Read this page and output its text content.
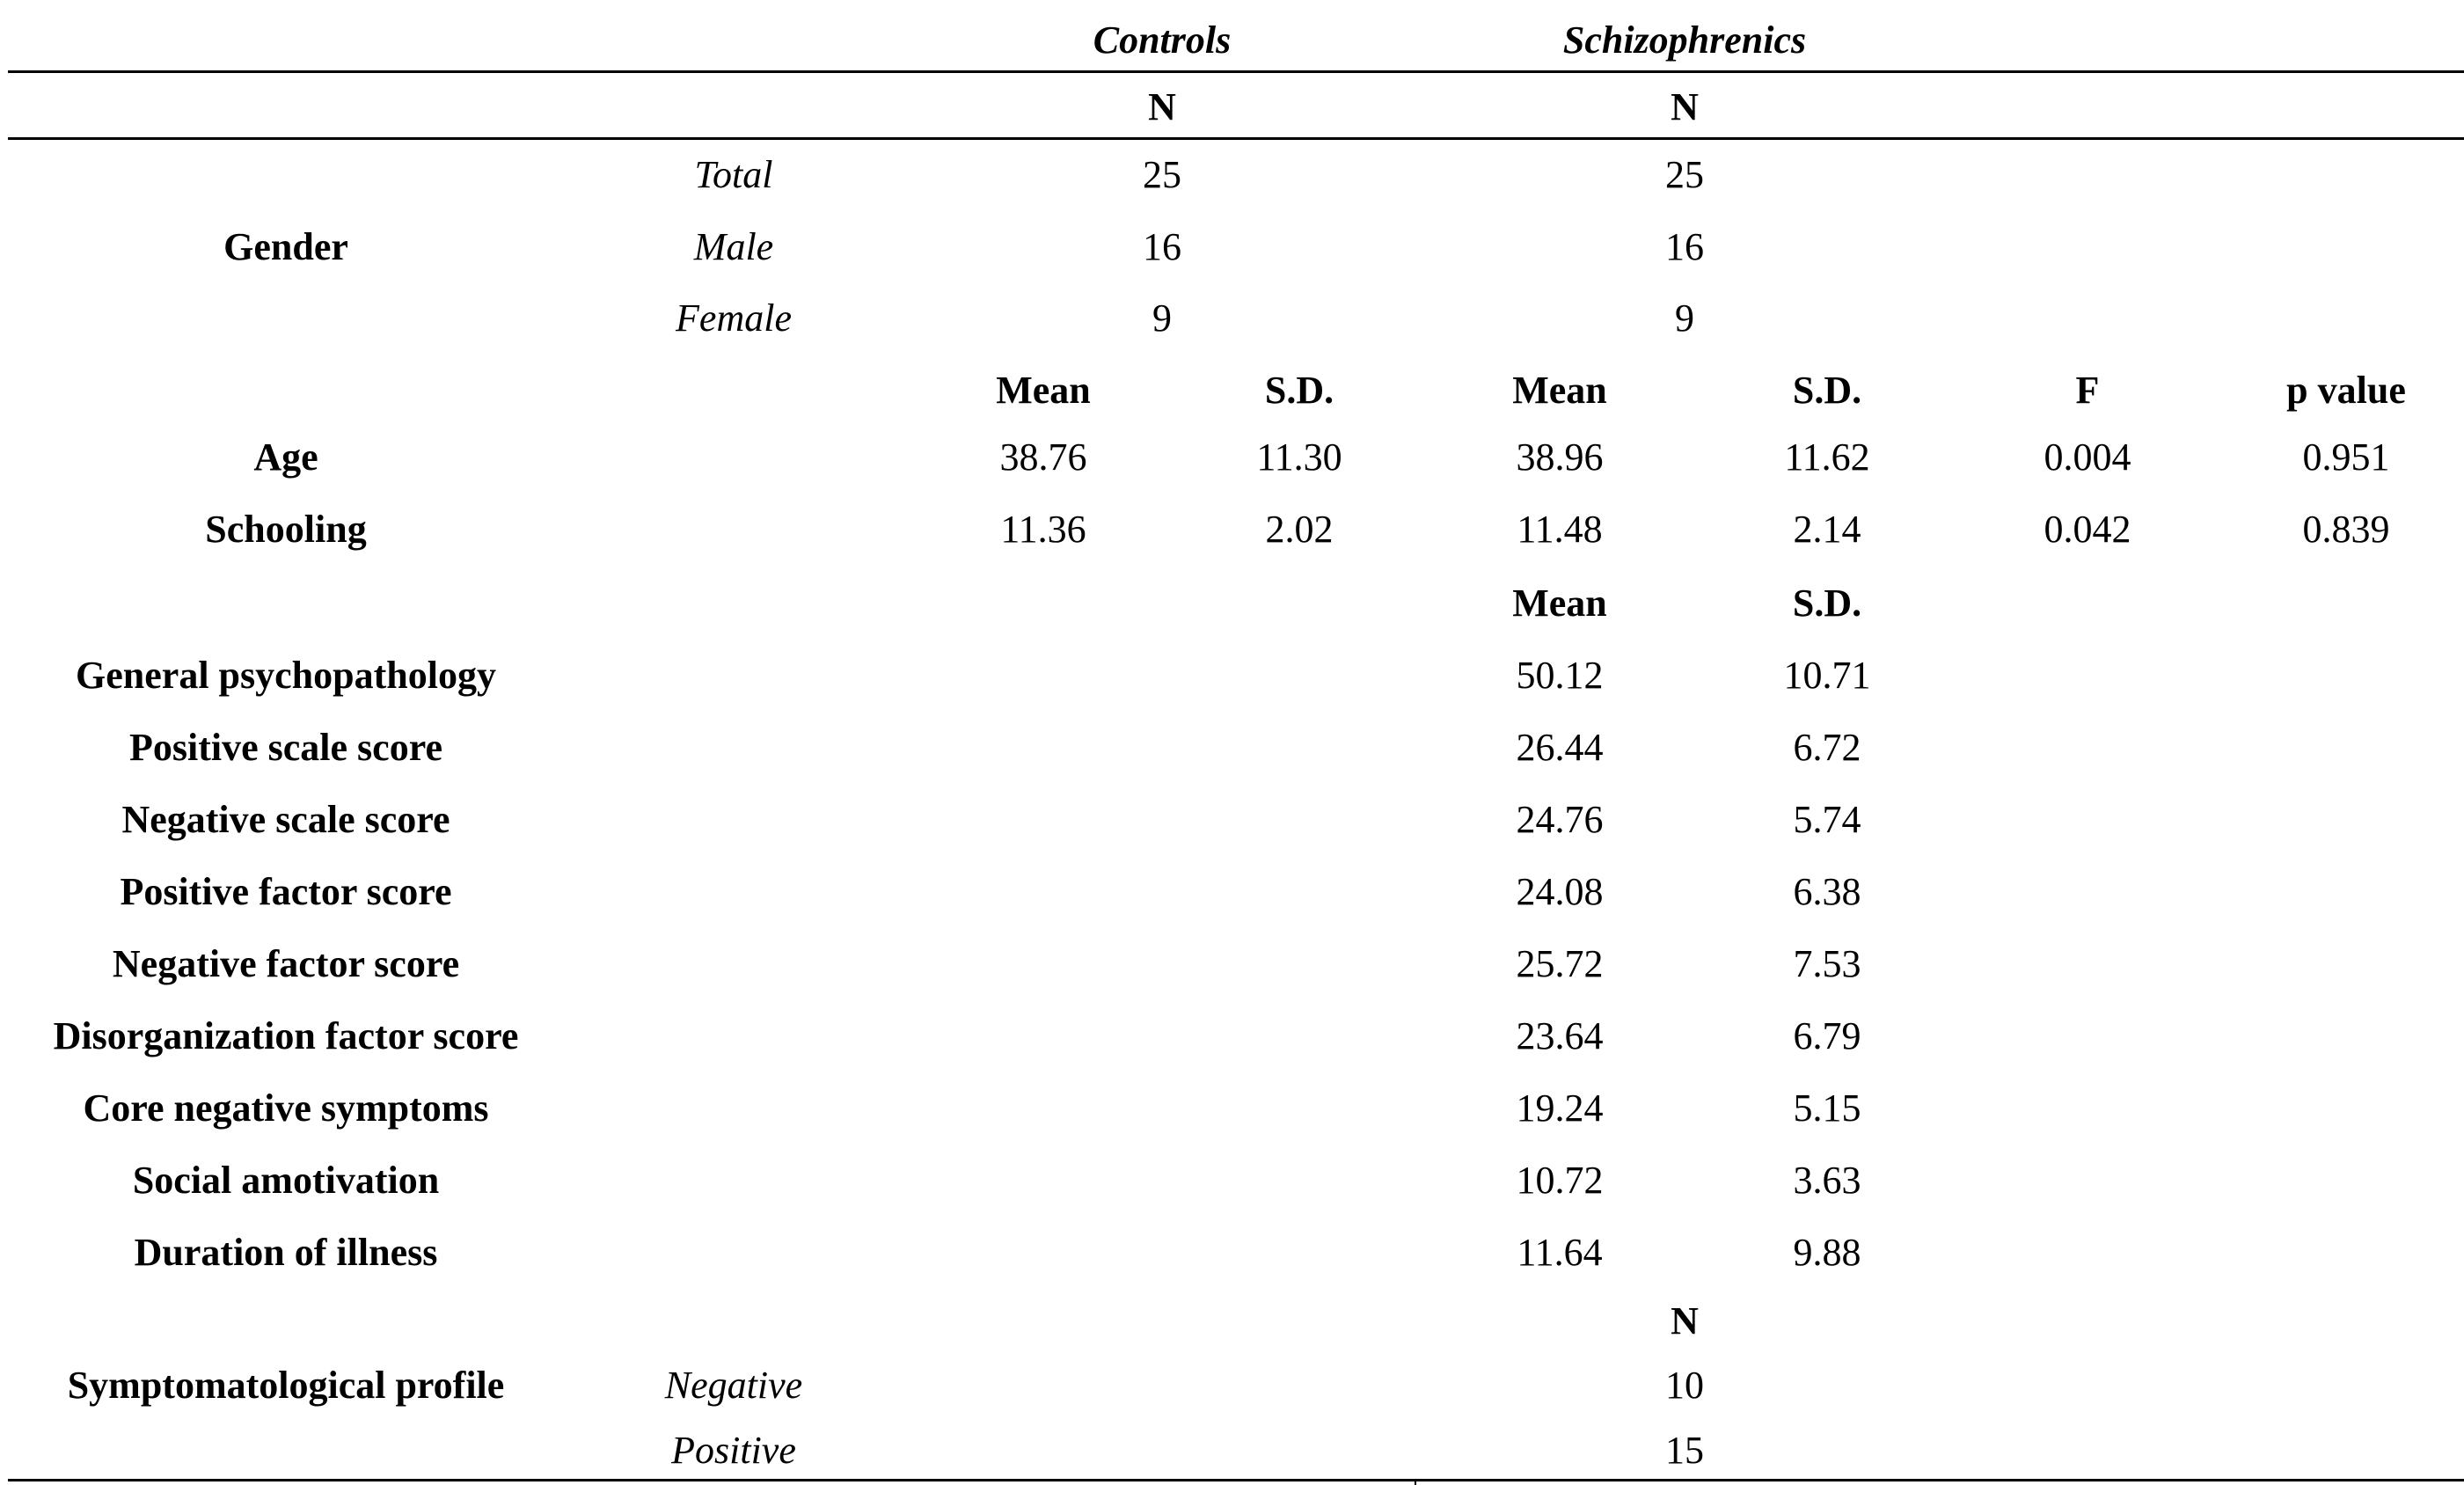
Controls	Schizophrenics
N	N
Gender
Total	25	25
Male	16	16
Female	9	9
Mean	S.D.	Mean	S.D.	F	p value
Age	38.76	11.30	38.96	11.62	0.004	0.951
Schooling	11.36	2.02	11.48	2.14	0.042	0.839
Mean	S.D.
General psychopathology	50.12	10.71
Positive scale score	26.44	6.72
Negative scale score	24.76	5.74
Positive factor score	24.08	6.38
Negative factor score	25.72	7.53
Disorganization factor score	23.64	6.79
Core negative symptoms	19.24	5.15
Social amotivation	10.72	3.63
Duration of illness	11.64	9.88
N
Symptomatological profile	Negative	10
Positive	15
